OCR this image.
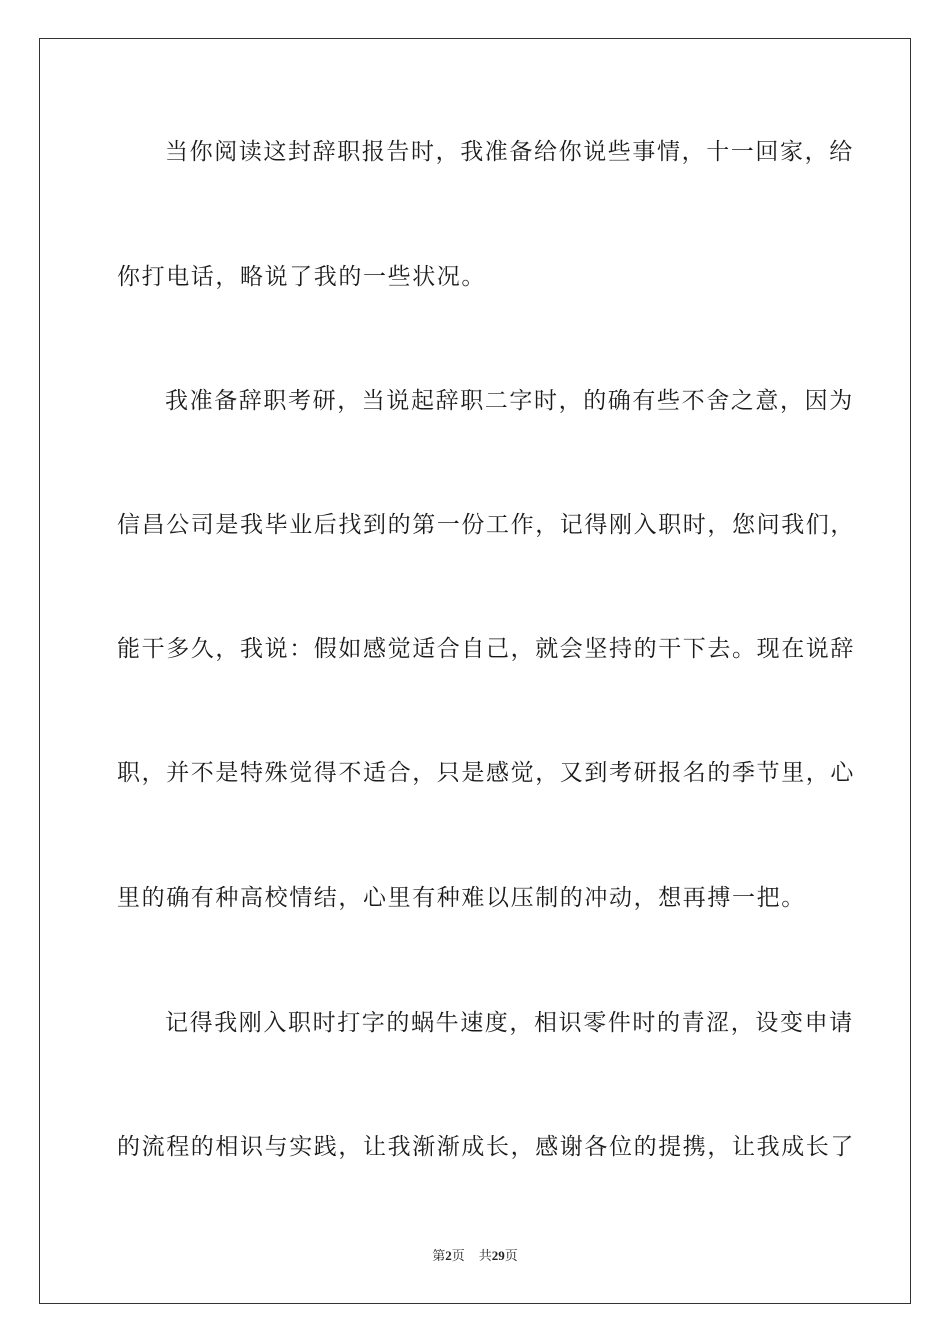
当你阅读这封辞职报告时，我准备给你说些事情，十一回家，给
你打电话，略说了我的一些状况。
我准备辞职考研，当说起辞职二字时，的确有些不舍之意，因为
信昌公司是我毕业后找到的第一份工作，记得刚入职时，您问我们，
能干多久，我说：假如感觉适合自己，就会坚持的干下去。现在说辞
职，并不是特殊觉得不适合，只是感觉，又到考研报名的季节里，心
里的确有种高校情结，心里有种难以压制的冲动，想再搏一把。
记得我刚入职时打字的蜗牛速度，相识零件时的青涩，设变申请
的流程的相识与实践，让我渐渐成长，感谢各位的提携，让我成长了
第2页 共29页
